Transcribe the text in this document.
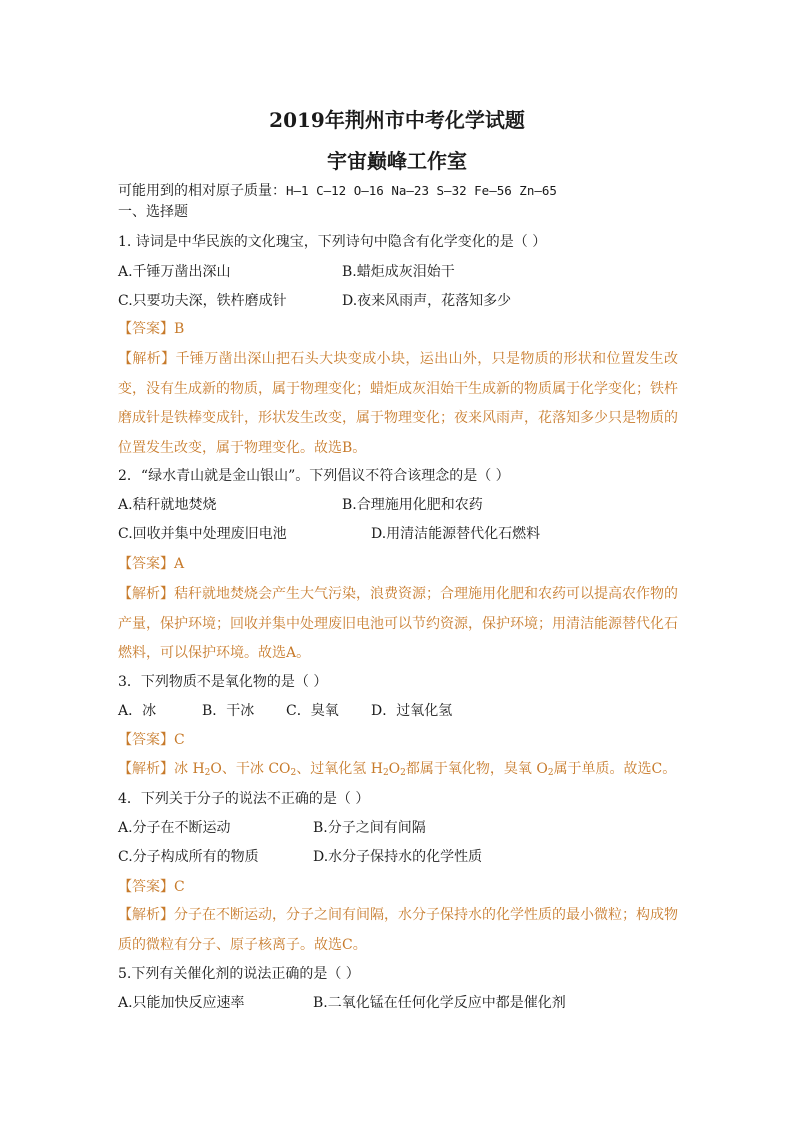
2019年荆州市中考化学试题
宇宙巅峰工作室
可能用到的相对原子质量：H—1 C—12 O—16 Na—23 S—32 Fe—56 Zn—65
一、选择题
1. 诗词是中华民族的文化瑰宝，下列诗句中隐含有化学变化的是（ ）
A.千锤万凿出深山	B.蜡炬成灰泪始干
C.只要功夫深，铁杵磨成针	D.夜来风雨声，花落知多少
【答案】B
【解析】千锤万凿出深山把石头大块变成小块，运出山外，只是物质的形状和位置发生改变，没有生成新的物质，属于物理变化；蜡炬成灰泪始干生成新的物质属于化学变化；铁杵磨成针是铁棒变成针，形状发生改变，属于物理变化；夜来风雨声，花落知多少只是物质的位置发生改变，属于物理变化。故选B。
2．“绿水青山就是金山银山”。下列倡议不符合该理念的是（ ）
A.秸秆就地焚烧	B.合理施用化肥和农药
C.回收并集中处理废旧电池	D.用清洁能源替代化石燃料
【答案】A
【解析】秸秆就地焚烧会产生大气污染，浪费资源；合理施用化肥和农药可以提高农作物的产量，保护环境；回收并集中处理废旧电池可以节约资源，保护环境；用清洁能源替代化石燃料，可以保护环境。故选A。
3．下列物质不是氧化物的是（ ）
A．冰	B．干冰 C．臭氧 D．过氧化氢
【答案】C
【解析】冰 $H_2O$、干冰 $CO_2$、过氧化氢 $H_2O_2$都属于氧化物，臭氧 $O_2$属于单质。故选C。
4．下列关于分子的说法不正确的是（ ）
A.分子在不断运动	B.分子之间有间隔
C.分子构成所有的物质	D.水分子保持水的化学性质
【答案】C
【解析】分子在不断运动，分子之间有间隔，水分子保持水的化学性质的最小微粒；构成物质的微粒有分子、原子核离子。故选C。
5.下列有关催化剂的说法正确的是（ ）
A.只能加快反应速率	B.二氧化锰在任何化学反应中都是催化剂
